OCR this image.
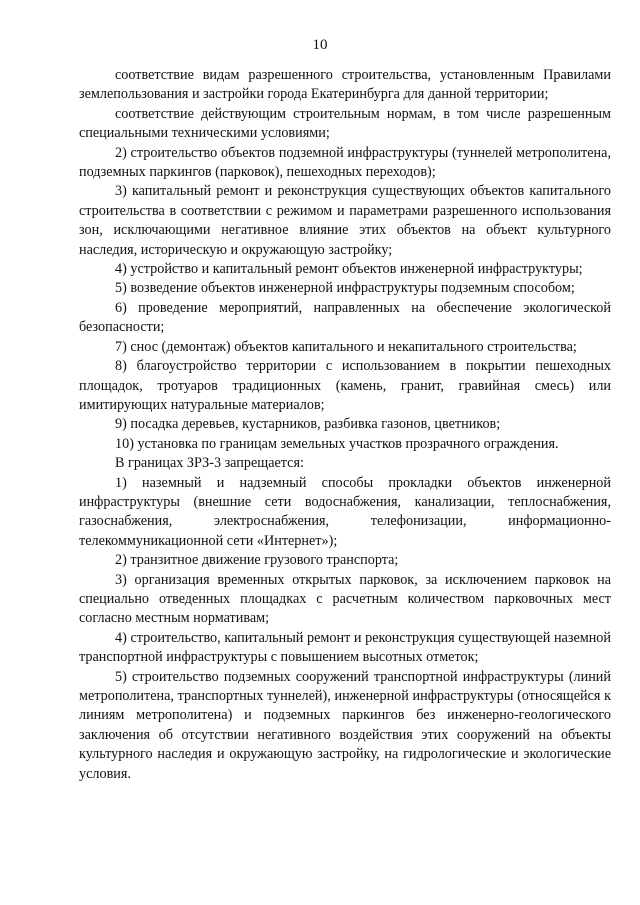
10

соответствие видам разрешенного строительства, установленным Правилами землепользования и застройки города Екатеринбурга для данной территории;

соответствие действующим строительным нормам, в том числе разрешенным специальными техническими условиями;

2) строительство объектов подземной инфраструктуры (туннелей метрополитена, подземных паркингов (парковок), пешеходных переходов);

3) капитальный ремонт и реконструкция существующих объектов капитального строительства в соответствии с режимом и параметрами разрешенного использования зон, исключающими негативное влияние этих объектов на объект культурного наследия, историческую и окружающую застройку;

4) устройство и капитальный ремонт объектов инженерной инфраструктуры;

5) возведение объектов инженерной инфраструктуры подземным способом;

6) проведение мероприятий, направленных на обеспечение экологической безопасности;

7) снос (демонтаж) объектов капитального и некапитального строительства;

8) благоустройство территории с использованием в покрытии пешеходных площадок, тротуаров традиционных (камень, гранит, гравийная смесь) или имитирующих натуральные материалов;

9) посадка деревьев, кустарников, разбивка газонов, цветников;

10) установка по границам земельных участков прозрачного ограждения.

В границах ЗРЗ-3 запрещается:

1) наземный и надземный способы прокладки объектов инженерной инфраструктуры (внешние сети водоснабжения, канализации, теплоснабжения, газоснабжения, электроснабжения, телефонизации, информационно-телекоммуникационной сети «Интернет»);

2) транзитное движение грузового транспорта;

3) организация временных открытых парковок, за исключением парковок на специально отведенных площадках с расчетным количеством парковочных мест согласно местным нормативам;

4) строительство, капитальный ремонт и реконструкция существующей наземной транспортной инфраструктуры с повышением высотных отметок;

5) строительство подземных сооружений транспортной инфраструктуры (линий метрополитена, транспортных туннелей), инженерной инфраструктуры (относящейся к линиям метрополитена) и подземных паркингов без инженерно-геологического заключения об отсутствии негативного воздействия этих сооружений на объекты культурного наследия и окружающую застройку, на гидрологические и экологические условия.
